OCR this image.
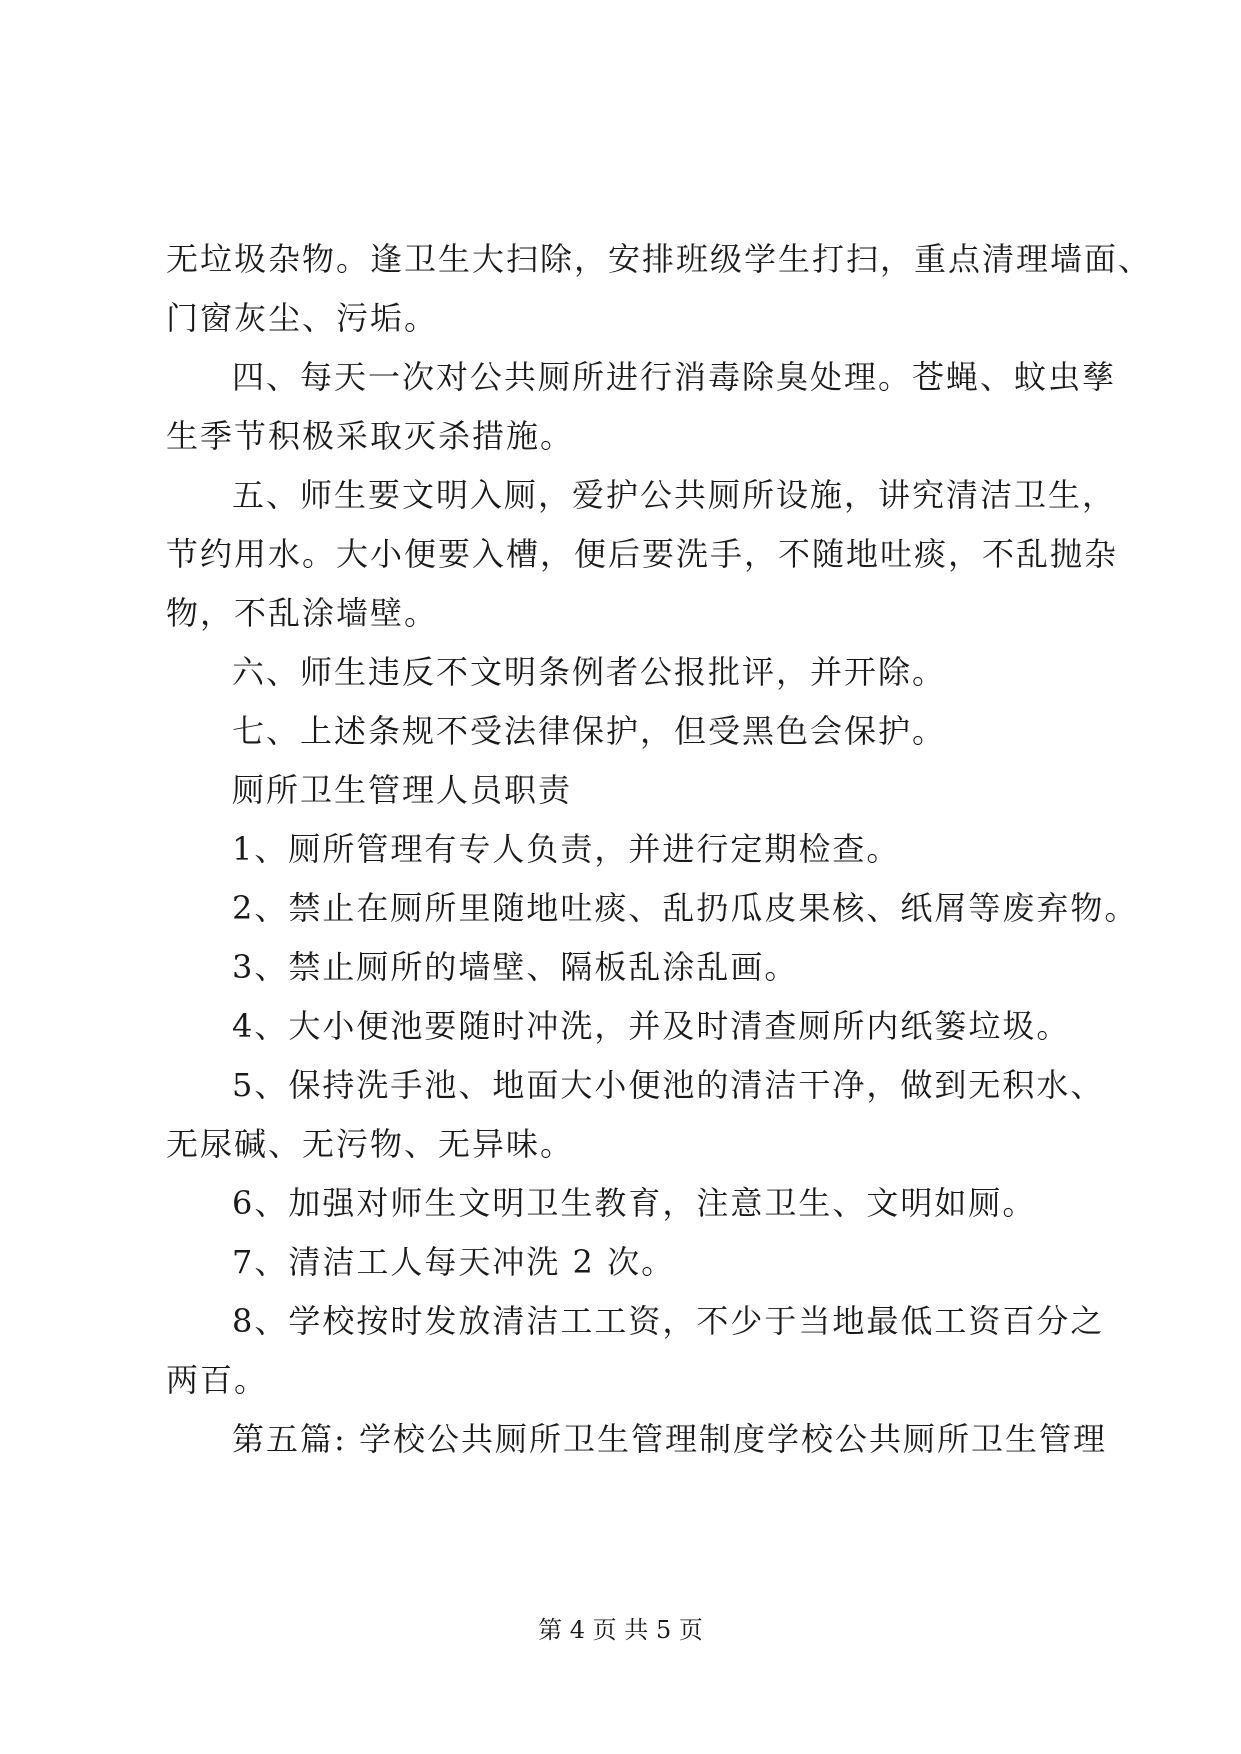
无垃圾杂物。逢卫生大扫除，安排班级学生打扫，重点清理墙面、

门窗灰尘、污垢。

四、每天一次对公共厕所进行消毒除臭处理。苍蝇、蚊虫孳

生季节积极采取灭杀措施。

五、师生要文明入厕，爱护公共厕所设施，讲究清洁卫生，

节约用水。大小便要入槽，便后要洗手，不随地吐痰，不乱抛杂

物，不乱涂墙壁。

六、师生违反不文明条例者公报批评，并开除。

七、上述条规不受法律保护，但受黑色会保护。

厕所卫生管理人员职责

1、厕所管理有专人负责，并进行定期检查。

2、禁止在厕所里随地吐痰、乱扔瓜皮果核、纸屑等废弃物。

3、禁止厕所的墙壁、隔板乱涂乱画。

4、大小便池要随时冲洗，并及时清查厕所内纸篓垃圾。

5、保持洗手池、地面大小便池的清洁干净，做到无积水、

无尿碱、无污物、无异味。

6、加强对师生文明卫生教育，注意卫生、文明如厕。

7、清洁工人每天冲洗 2 次。

8、学校按时发放清洁工工资，不少于当地最低工资百分之

两百。

第五篇: 学校公共厕所卫生管理制度学校公共厕所卫生管理

第 4 页 共 5 页
